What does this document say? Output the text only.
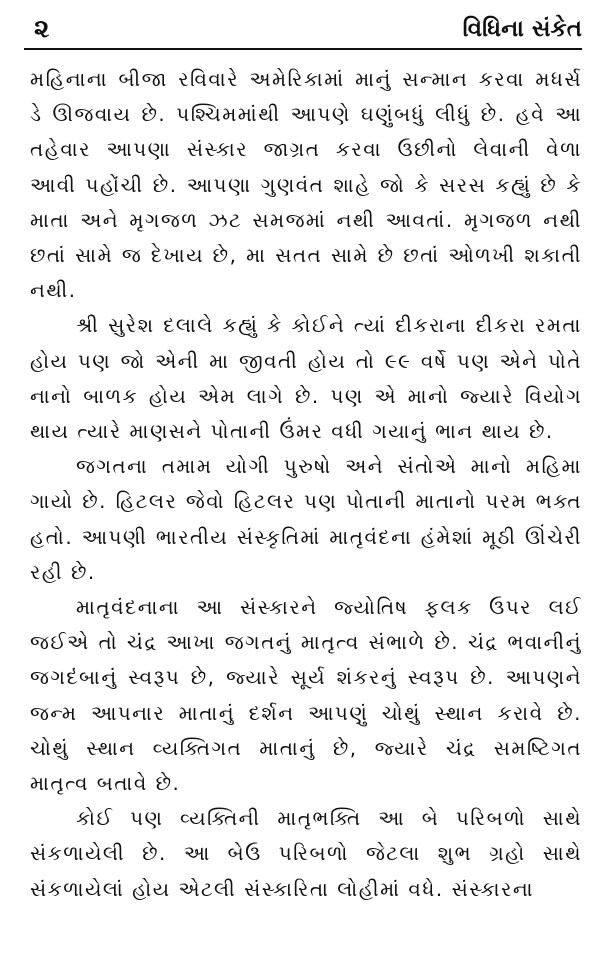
૨	વિધિના સંકેત

મહિનાના બીજા રવિવારે અમેરિકામાં માનું સન્માન કરવા મધર્સ ડે ઊજવાય છે. પશ્ચિમમાંથી આપણે ઘણુંબધું લીધું છે. હવે આ તહેવાર આપણા સંસ્કાર જાગ્રત કરવા ઉછીનો લેવાની વેળા આવી પહોંચી છે. આપણા ગુણવંત શાહે જો કે સરસ કહ્યું છે કે માતા અને મૃગજળ ઝટ સમજમાં નથી આવતાં. મૃગજળ નથી છતાં સામે જ દેખાય છે, મા સતત સામે છે છતાં ઓળખી શકાતી નથી.

શ્રી સુરેશ દલાલે કહ્યું કે કોઈને ત્યાં દીકરાના દીકરા રમતા હોય પણ જો એની મા જીવતી હોય તો ૯૯ વર્ષે પણ એને પોતે નાનો બાળક હોય એમ લાગે છે. પણ એ માનો જ્યારે વિયોગ થાય ત્યારે માણસને પોતાની ઉંમર વધી ગયાનું ભાન થાય છે.

જગતના તમામ યોગી પુરુષો અને સંતોએ માનો મહિમા ગાયો છે. હિટલર જેવો હિટલર પણ પોતાની માતાનો પરમ ભક્ત હતો. આપણી ભારતીય સંસ્કૃતિમાં માતૃવંદના હંમેશાં મૂઠી ઊંચેરી રહી છે.

માતૃવંદનાના આ સંસ્કારને જ્યોતિષ ફલક ઉપર લઈ જઈએ તો ચંદ્ર આખા જગતનું માતૃત્વ સંભાળે છે. ચંદ્ર ભવાનીનું જગદંબાનું સ્વરૂપ છે, જ્યારે સૂર્ય શંકરનું સ્વરૂપ છે. આપણને જન્મ આપનાર માતાનું દર્શન આપણું ચોથું સ્થાન કરાવે છે. ચોથું સ્થાન વ્યક્તિગત માતાનું છે, જ્યારે ચંદ્ર સમષ્ટિગત માતૃત્વ બતાવે છે.

કોઈ પણ વ્યક્તિની માતૃભક્તિ આ બે પરિબળો સાથે સંકળાયેલી છે. આ બેઉ પરિબળો જેટલા શુભ ગ્રહો સાથે સંકળાયેલાં હોય એટલી સંસ્કારિતા લોહીમાં વધે. સંસ્કારના
